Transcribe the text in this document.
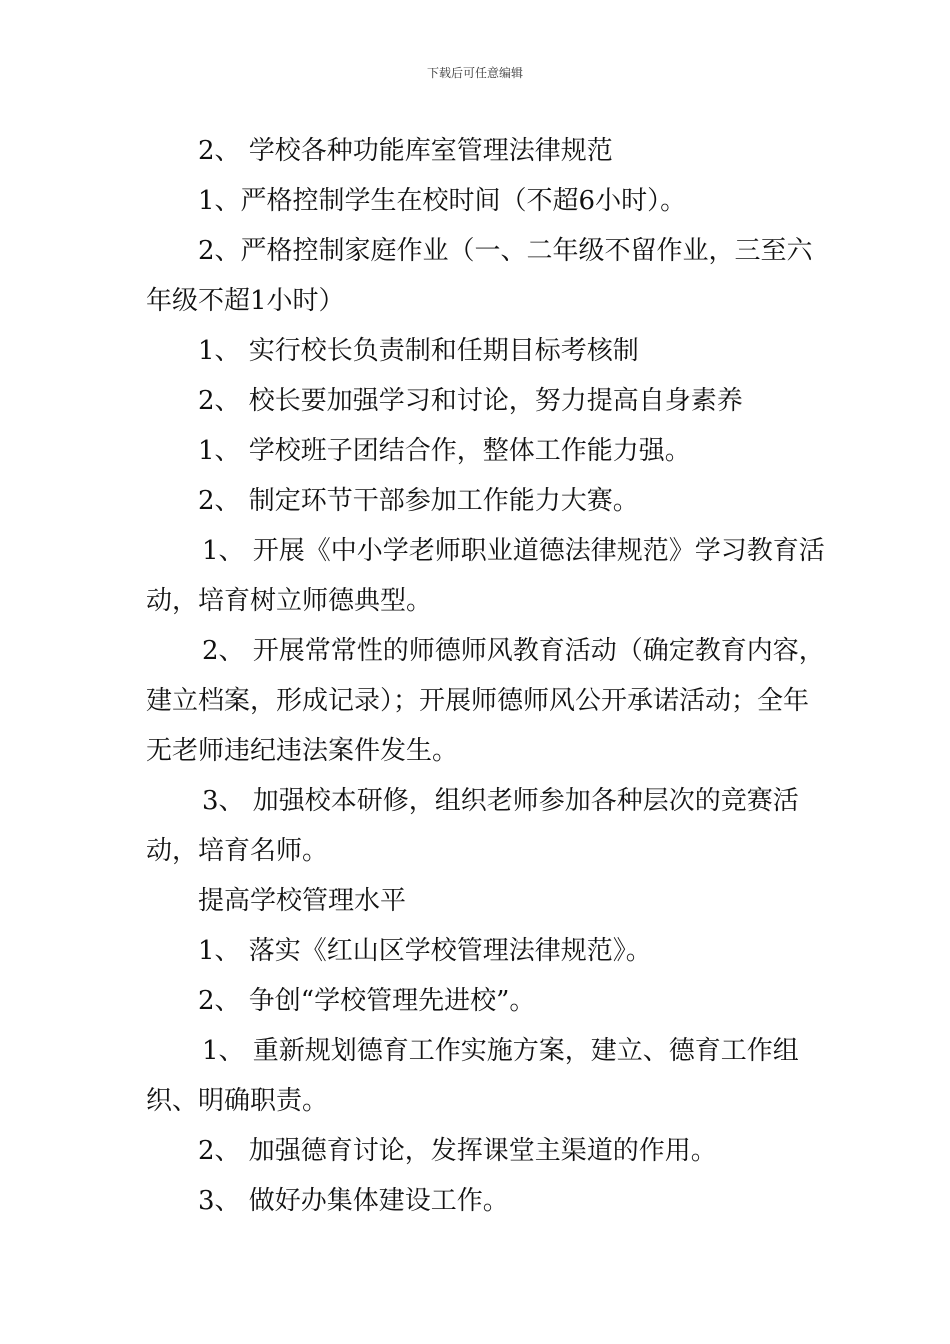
下载后可任意编辑

2、 学校各种功能库室管理法律规范

1、严格控制学生在校时间（不超6小时）。

2、严格控制家庭作业（一、二年级不留作业，三至六年级不超1小时）

1、 实行校长负责制和任期目标考核制

2、 校长要加强学习和讨论，努力提高自身素养

1、 学校班子团结合作，整体工作能力强。

2、 制定环节干部参加工作能力大赛。

1、 开展《中小学老师职业道德法律规范》学习教育活动，培育树立师德典型。

2、 开展常常性的师德师风教育活动（确定教育内容，建立档案，形成记录）；开展师德师风公开承诺活动；全年无老师违纪违法案件发生。

3、 加强校本研修，组织老师参加各种层次的竞赛活动，培育名师。

提高学校管理水平

1、 落实《红山区学校管理法律规范》。

2、 争创“学校管理先进校”。

1、 重新规划德育工作实施方案，建立、德育工作组织、明确职责。

2、 加强德育讨论，发挥课堂主渠道的作用。

3、 做好办集体建设工作。
